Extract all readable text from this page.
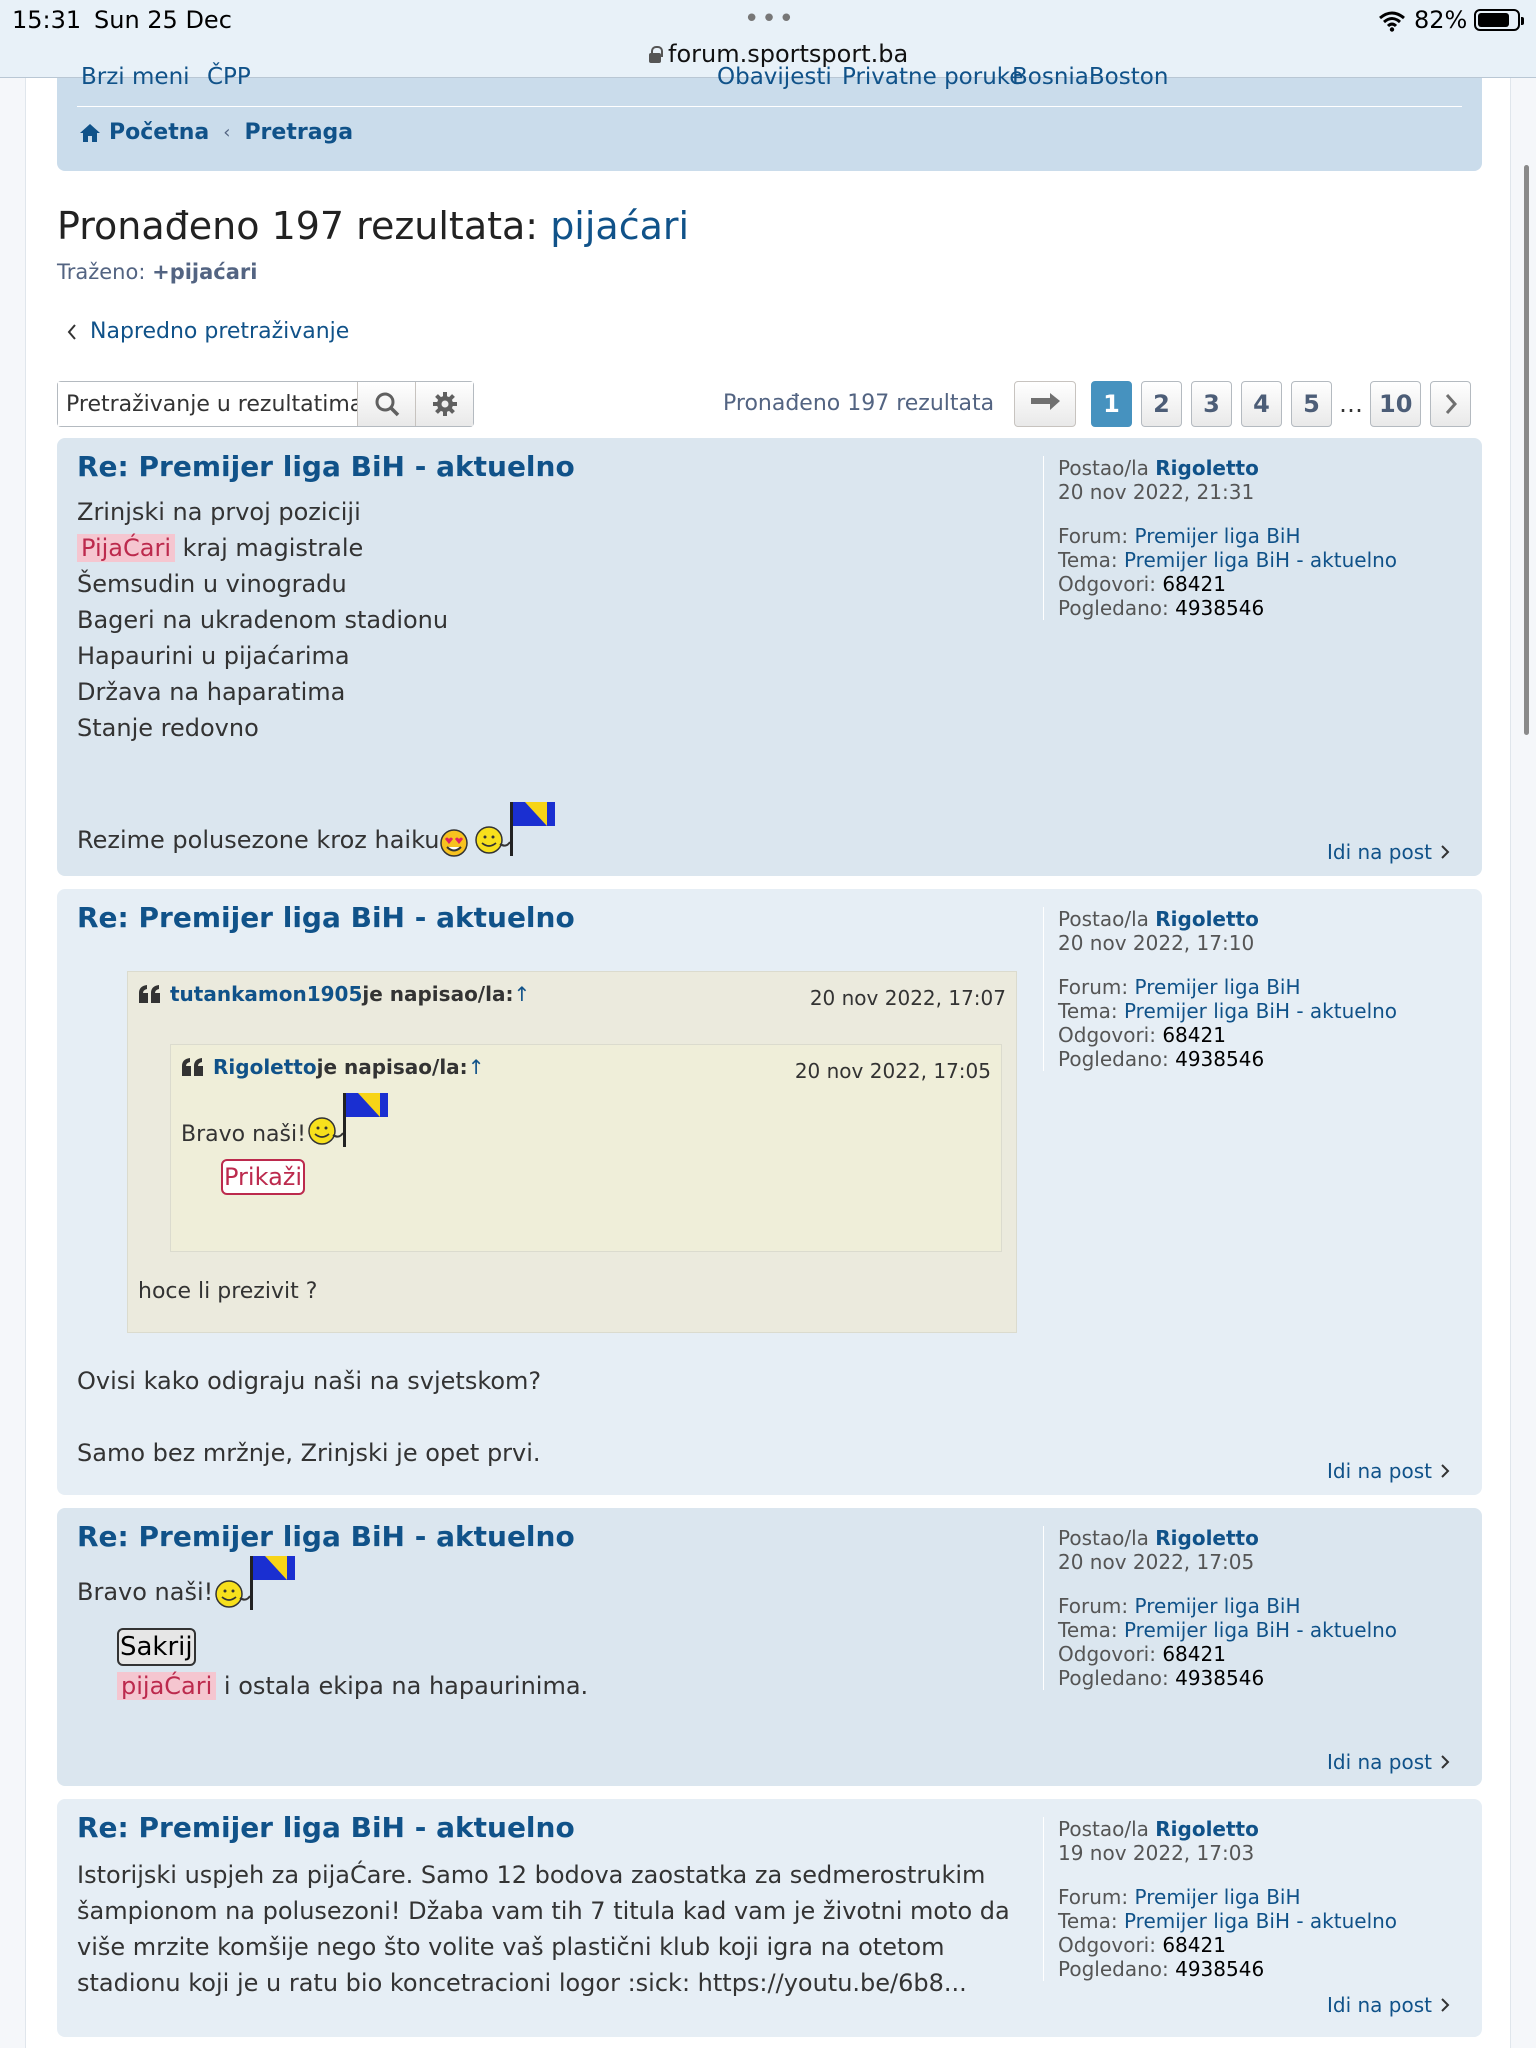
15:31 Sun 25 Dec	•••
forum.sportsport.ba
82%
Brzi meni ČPP	Obavijesti Privatne poruke
BosniaBoston
Početna ‹ Pretraga
Pronađeno 197 rezultata: pijaćari
Traženo: +pijaćari
Napredno pretraživanje
Pretraživanje u rezultatima
Pronađeno 197 rezultata	1	2	3	4	5 … 10
Re: Premijer liga BiH - aktuelno
Zrinjski na prvoj poziciji
PijaĆari kraj magistrale
Šemsudin u vinogradu
Bageri na ukradenom stadionu
Hapaurini u pijaćarima
Država na haparatima
Stanje redovno
Rezime polusezone kroz haiku
Postao/la Rigoletto
20 nov 2022, 21:31
Forum: Premijer liga BiH
Tema: Premijer liga BiH - aktuelno
Odgovori: 68421
Pogledano: 4938546
Idi na post
Re: Premijer liga BiH - aktuelno
tutankamon1905 je napisao/la: ↑	20 nov 2022, 17:07
Rigoletto je napisao/la: ↑	20 nov 2022, 17:05
Bravo naši!
Prikaži
hoce li prezivit ?
Ovisi kako odigraju naši na svjetskom?
Samo bez mržnje, Zrinjski je opet prvi.
Postao/la Rigoletto
20 nov 2022, 17:10
Forum: Premijer liga BiH
Tema: Premijer liga BiH - aktuelno
Odgovori: 68421
Pogledano: 4938546
Idi na post
Re: Premijer liga BiH - aktuelno
Bravo naši!
Sakrij
pijaĆari i ostala ekipa na hapaurinima.
Postao/la Rigoletto
20 nov 2022, 17:05
Forum: Premijer liga BiH
Tema: Premijer liga BiH - aktuelno
Odgovori: 68421
Pogledano: 4938546
Idi na post
Re: Premijer liga BiH - aktuelno
Istorijski uspjeh za pijaĆare. Samo 12 bodova zaostatka za sedmerostrukim
šampionom na polusezoni! Džaba vam tih 7 titula kad vam je životni moto da
više mrzite komšije nego što volite vaš plastični klub koji igra na otetom
stadionu koji je u ratu bio koncetracioni logor :sick: https://youtu.be/6b8...
Postao/la Rigoletto
19 nov 2022, 17:03
Forum: Premijer liga BiH
Tema: Premijer liga BiH - aktuelno
Odgovori: 68421
Pogledano: 4938546
Idi na post
